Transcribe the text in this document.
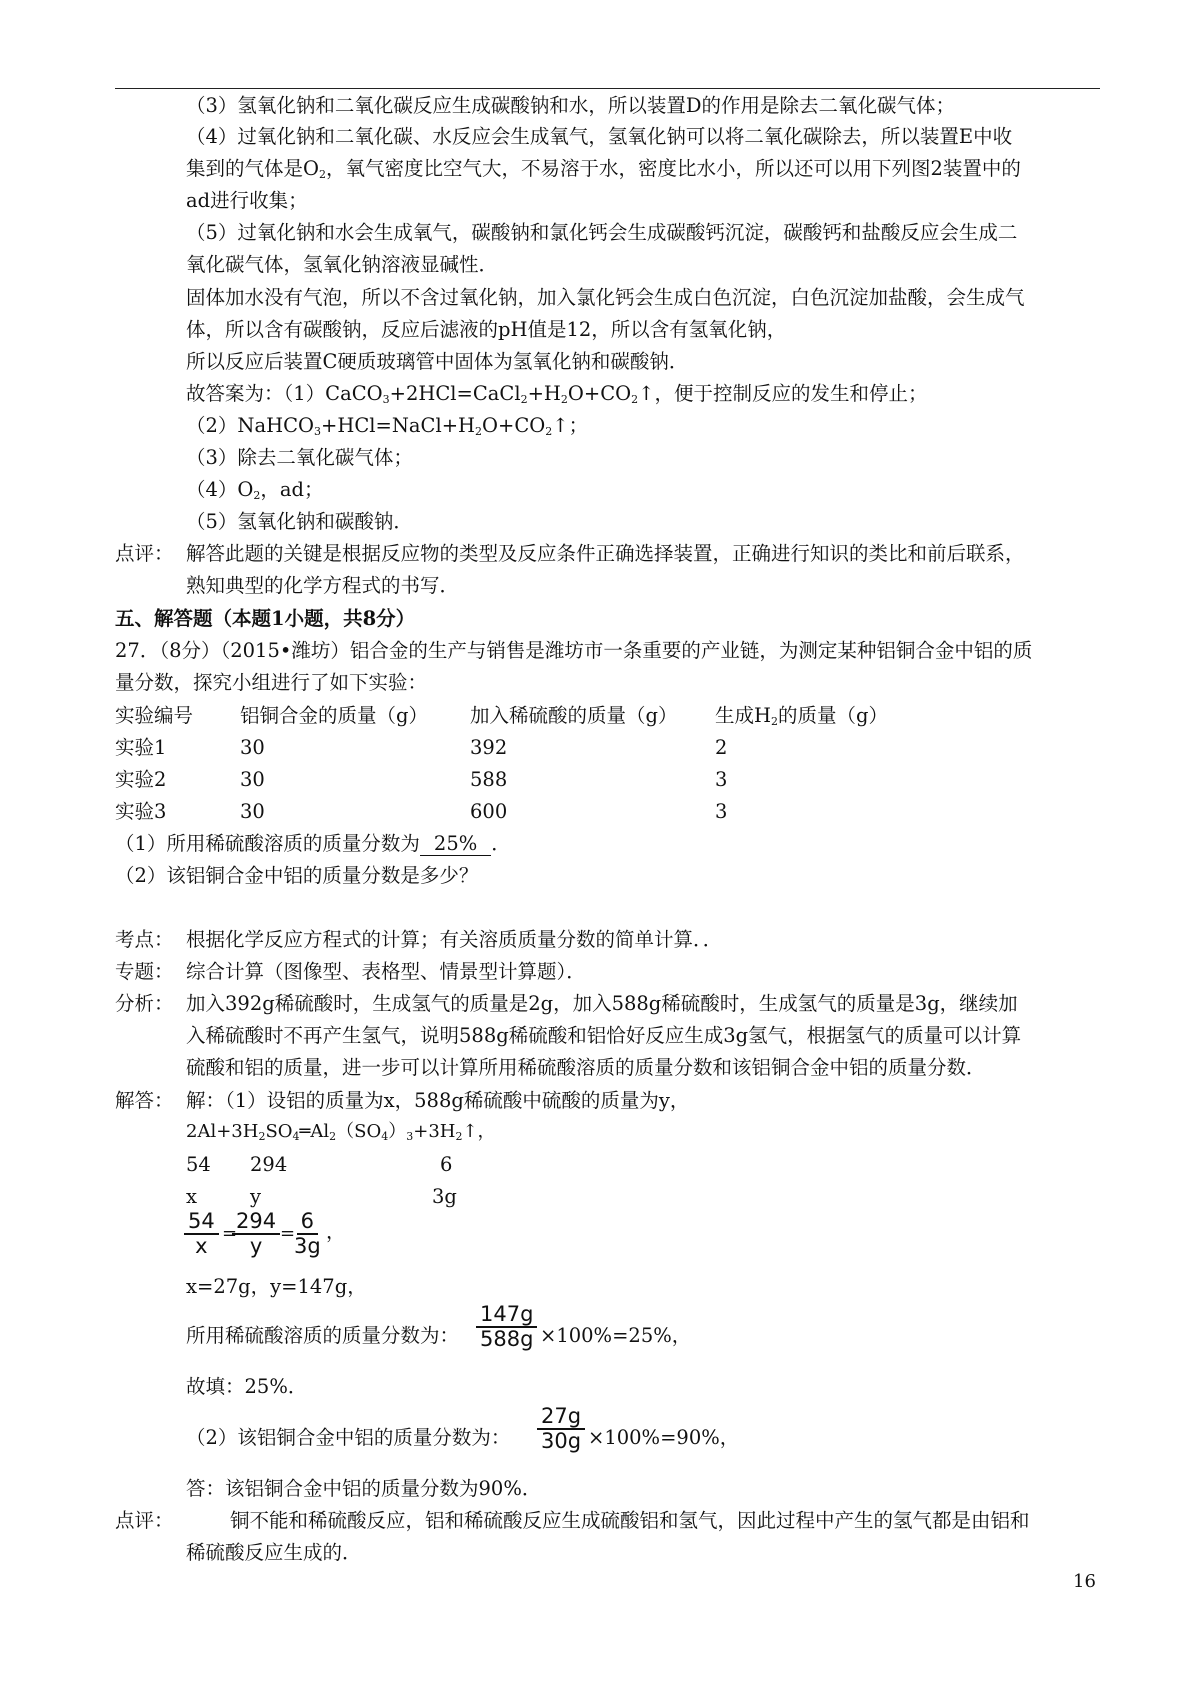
（3）氢氧化钠和二氧化碳反应生成碳酸钠和水，所以装置D的作用是除去二氧化碳气体；
（4）过氧化钠和二氧化碳、水反应会生成氧气，氢氧化钠可以将二氧化碳除去，所以装置E中收
集到的气体是$O_2$，氧气密度比空气大，不易溶于水，密度比水小，所以还可以用下列图2装置中的
ad进行收集；
（5）过氧化钠和水会生成氧气，碳酸钠和氯化钙会生成碳酸钙沉淀，碳酸钙和盐酸反应会生成二
氧化碳气体，氢氧化钠溶液显碱性．
固体加水没有气泡，所以不含过氧化钠，加入氯化钙会生成白色沉淀，白色沉淀加盐酸，会生成气
体，所以含有碳酸钠，反应后滤液的pH值是12，所以含有氢氧化钠，
所以反应后装置C硬质玻璃管中固体为氢氧化钠和碳酸钠．
故答案为：$(1)CaCO_3+2HCl=CaCl_2+H_2O+CO_2↑$，便于控制反应的发生和停止；
$(2)NaHCO_3+HCl=NaCl+H_2O+CO_2↑$；
（3）除去二氧化碳气体；
$(4)O_2$，ad；
（5）氢氧化钠和碳酸钠．
点评： 解答此题的关键是根据反应物的类型及反应条件正确选择装置，正确进行知识的类比和前后联系，
熟知典型的化学方程式的书写．
五、解答题（本题1小题，共8分）
27．（8分）（2015•潍坊）铝合金的生产与销售是潍坊市一条重要的产业链，为测定某种铝铜合金中铝的质
量分数，探究小组进行了如下实验：
实验编号 铝铜合金的质量（g） 加入稀硫酸的质量（g） 生成$H_2$的质量（g）
实验1	30	392	2
实验2	30	588	3
实验3	30	600	3
（1）所用稀硫酸溶质的质量分数为 25% ．
（2）该铝铜合金中铝的质量分数是多少？
考点： 根据化学反应方程式的计算；有关溶质质量分数的简单计算．．
专题： 综合计算（图像型、表格型、情景型计算题）．
分析： 加入392g稀硫酸时，生成氢气的质量是2g，加入588g稀硫酸时，生成氢气的质量是3g，继续加
入稀硫酸时不再产生氢气，说明588g稀硫酸和铝恰好反应生成3g氢气，根据氢气的质量可以计算
硫酸和铝的质量，进一步可以计算所用稀硫酸溶质的质量分数和该铝铜合金中铝的质量分数．
解答： 解：（1）设铝的质量为x，588g稀硫酸中硫酸的质量为y，
$2Al+3H_2SO_4═Al_2(SO_4)_3+3H_2↑$，
54 294	6
x	y	3g
$\frac{54}{x}$ =
$\frac{294}{y}$ =
$\frac{6}{3g}$ ，
x=27g，y=147g，
所用稀硫酸溶质的质量分数为： $\frac{147g}{588g} \times 100\%=25\%$，
故填：25%．
（2）该铝铜合金中铝的质量分数为： $\frac{27g}{30g} \times 100\%=90\%$，
答：该铝铜合金中铝的质量分数为90%．
点评：	铜不能和稀硫酸反应，铝和稀硫酸反应生成硫酸铝和氢气，因此过程中产生的氢气都是由铝和
稀硫酸反应生成的．
16
